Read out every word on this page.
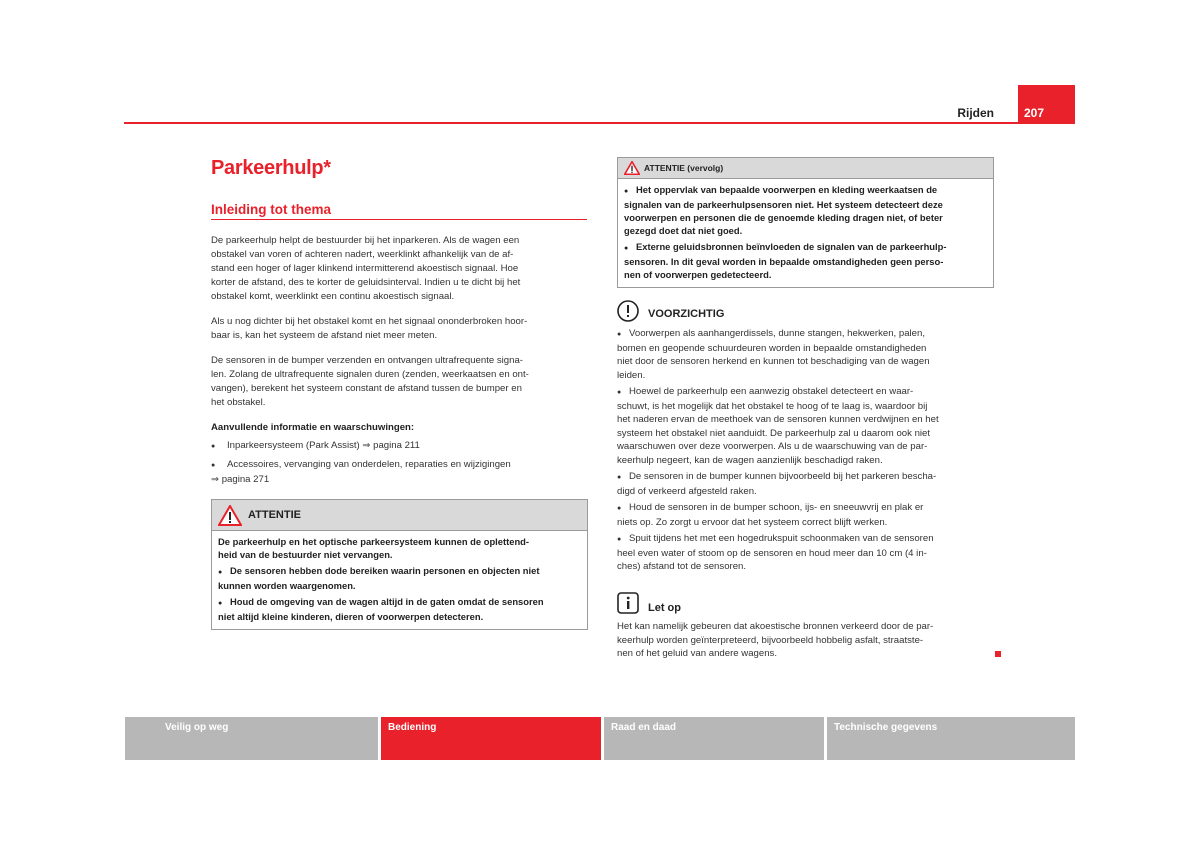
Rijden	207
Parkeerhulp*
Inleiding tot thema
De parkeerhulp helpt de bestuurder bij het inparkeren. Als de wagen een
obstakel van voren of achteren nadert, weerklinkt afhankelijk van de af-
stand een hoger of lager klinkend intermitterend akoestisch signaal. Hoe
korter de afstand, des te korter de geluidsinterval. Indien u te dicht bij het
obstakel komt, weerklinkt een continu akoestisch signaal.
Als u nog dichter bij het obstakel komt en het signaal ononderbroken hoor-
baar is, kan het systeem de afstand niet meer meten.
De sensoren in de bumper verzenden en ontvangen ultrafrequente signa-
len. Zolang de ultrafrequente signalen duren (zenden, weerkaatsen en ont-
vangen), berekent het systeem constant de afstand tussen de bumper en
het obstakel.
Aanvullende informatie en waarschuwingen:
● Inparkeersysteem (Park Assist) ⇒ pagina 211
● Accessoires, vervanging van onderdelen, reparaties en wijzigingen
⇒ pagina 271
ATTENTIE

De parkeerhulp en het optische parkeersysteem kunnen de oplettend-
heid van de bestuurder niet vervangen.

● De sensoren hebben dode bereiken waarin personen en objecten niet
kunnen worden waargenomen.

● Houd de omgeving van de wagen altijd in de gaten omdat de sensoren
niet altijd kleine kinderen, dieren of voorwerpen detecteren.

ATTENTIE (vervolg)

● Het oppervlak van bepaalde voorwerpen en kleding weerkaatsen de
signalen van de parkeerhulpsensoren niet. Het systeem detecteert deze
voorwerpen en personen die de genoemde kleding dragen niet, of beter
gezegd doet dat niet goed.

● Externe geluidsbronnen beïnvloeden de signalen van de parkeerhulp-
sensoren. In dit geval worden in bepaalde omstandigheden geen perso-
nen of voorwerpen gedetecteerd.

VOORZICHTIG

● Voorwerpen als aanhangerdissels, dunne stangen, hekwerken, palen,
bomen en geopende schuurdeuren worden in bepaalde omstandigheden
niet door de sensoren herkend en kunnen tot beschadiging van de wagen
leiden.

● Hoewel de parkeerhulp een aanwezig obstakel detecteert en waar-
schuwt, is het mogelijk dat het obstakel te hoog of te laag is, waardoor bij
het naderen ervan de meethoek van de sensoren kunnen verdwijnen en het
systeem het obstakel niet aanduidt. De parkeerhulp zal u daarom ook niet
waarschuwen over deze voorwerpen. Als u de waarschuwing van de par-
keerhulp negeert, kan de wagen aanzienlijk beschadigd raken.

● De sensoren in de bumper kunnen bijvoorbeeld bij het parkeren bescha-
digd of verkeerd afgesteld raken.

● Houd de sensoren in de bumper schoon, ijs- en sneeuwvrij en plak er
niets op. Zo zorgt u ervoor dat het systeem correct blijft werken.

● Spuit tijdens het met een hogedrukspuit schoonmaken van de sensoren
heel even water of stoom op de sensoren en houd meer dan 10 cm (4 in-
ches) afstand tot de sensoren.

Let op
Het kan namelijk gebeuren dat akoestische bronnen verkeerd door de par-
keerhulp worden geïnterpreteerd, bijvoorbeeld hobbelig asfalt, straatste-
nen of het geluid van andere wagens.
Veilig op weg	Bediening	Raad en daad	Technische gegevens
